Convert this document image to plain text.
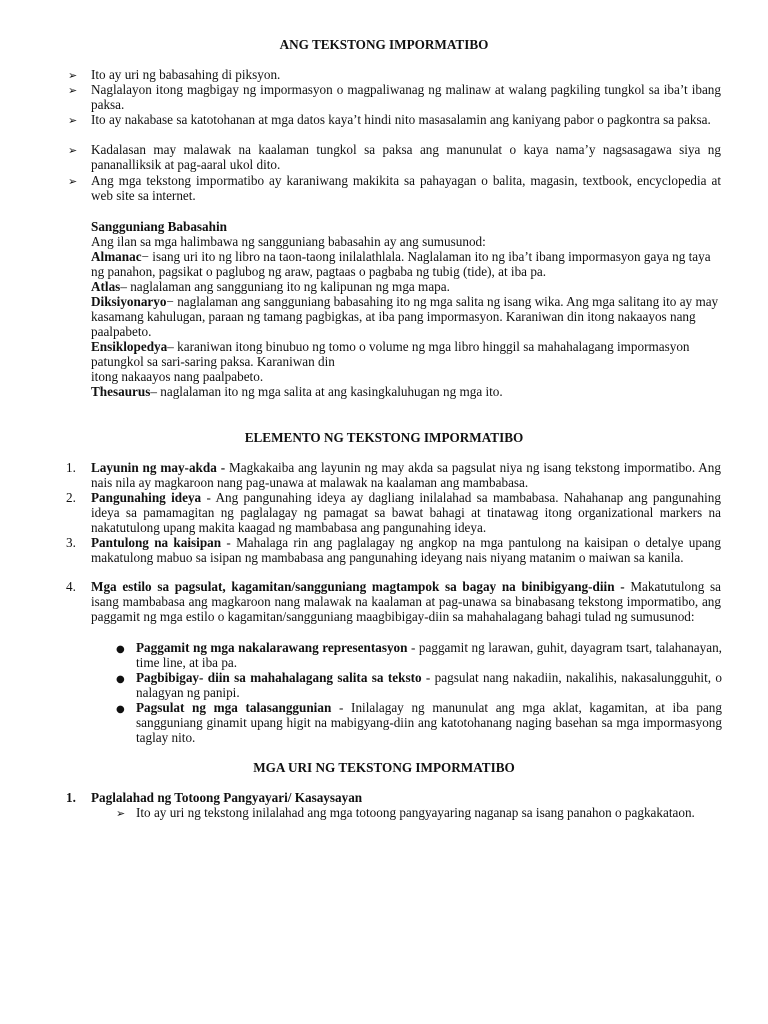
ANG TEKSTONG IMPORMATIBO
➢	Ito ay uri ng babasahing di piksyon.
➢	Naglalayon itong magbigay ng impormasyon o magpaliwanag ng malinaw at walang pagkiling tungkol sa iba’t ibang paksa.
➢	Ito ay nakabase sa katotohanan at mga datos kaya’t hindi nito masasalamin ang kaniyang pabor o pagkontra sa paksa.
➢	Kadalasan may malawak na kaalaman tungkol sa paksa ang manunulat o kaya nama’y nagsasagawa siya ng pananalliksik at pag-aaral ukol dito.
➢	Ang mga tekstong impormatibo ay karaniwang makikita sa pahayagan o balita, magasin, textbook, encyclopedia at web site sa internet.

Sangguniang Babasahin

Ang ilan sa mga halimbawa ng sangguniang babasahin ay ang sumusunod:

Almanac− isang uri ito ng libro na taon-taong inilalathlala. Naglalaman ito ng iba’t ibang impormasyon gaya ng taya ng panahon, pagsikat o paglubog ng araw, pagtaas o pagbaba ng tubig (tide), at iba pa.

Atlas– naglalaman ang sangguniang ito ng kalipunan ng mga mapa.

Diksiyonaryo− naglalaman ang sangguniang babasahing ito ng mga salita ng isang wika. Ang mga salitang ito ay may kasamang kahulugan, paraan ng tamang pagbigkas, at iba pang impormasyon. Karaniwan din itong nakaayos nang paalpabeto.

Ensiklopedya– karaniwan itong binubuo ng tomo o volume ng mga libro hinggil sa mahahalagang impormasyon patungkol sa sari-saring paksa. Karaniwan din

itong nakaayos nang paalpabeto.

Thesaurus– naglalaman ito ng mga salita at ang kasingkaluhugan ng mga ito.

ELEMENTO NG TEKSTONG IMPORMATIBO
1.	Layunin ng may-akda - Magkakaiba ang layunin ng may akda sa pagsulat niya ng isang tekstong impormatibo. Ang nais nila ay magkaroon nang pag-unawa at malawak na kaalaman ang mambabasa.
2.	Pangunahing ideya - Ang pangunahing ideya ay dagliang inilalahad sa mambabasa. Nahahanap ang pangunahing ideya sa pamamagitan ng paglalagay ng pamagat sa bawat bahagi at tinatawag itong organizational markers na nakatutulong upang makita kaagad ng mambabasa ang pangunahing ideya.
3.	Pantulong na kaisipan - Mahalaga rin ang paglalagay ng angkop na mga pantulong na kaisipan o detalye upang makatulong mabuo sa isipan ng mambabasa ang pangunahing ideyang nais niyang matanim o maiwan sa kanila.
4.	Mga estilo sa pagsulat, kagamitan/sangguniang magtampok sa bagay na binibigyang-diin - Makatutulong sa isang mambabasa ang magkaroon nang malawak na kaalaman at pag-unawa sa binabasang tekstong impormatibo, ang paggamit ng mga estilo o kagamitan/sangguniang maagbibigay-diin sa mahahalagang bahagi tulad ng sumusunod:
● Paggamit ng mga nakalarawang representasyon - paggamit ng larawan, guhit, dayagram tsart, talahanayan, time line, at iba pa.
● Pagbibigay- diin sa mahahalagang salita sa teksto - pagsulat nang nakadiin, nakalihis, nakasalungguhit, o nalagyan ng panipi.
● Pagsulat ng mga talasanggunian - Inilalagay ng manunulat ang mga aklat, kagamitan, at iba pang sangguniang ginamit upang higit na mabigyang-diin ang katotohanang naging basehan sa mga impormasyong taglay nito.
MGA URI NG TEKSTONG IMPORMATIBO
1.	Paglalahad ng Totoong Pangyayari/ Kasaysayan
➢ Ito ay uri ng tekstong inilalahad ang mga totoong pangyayaring naganap sa isang panahon o pagkakataon.
